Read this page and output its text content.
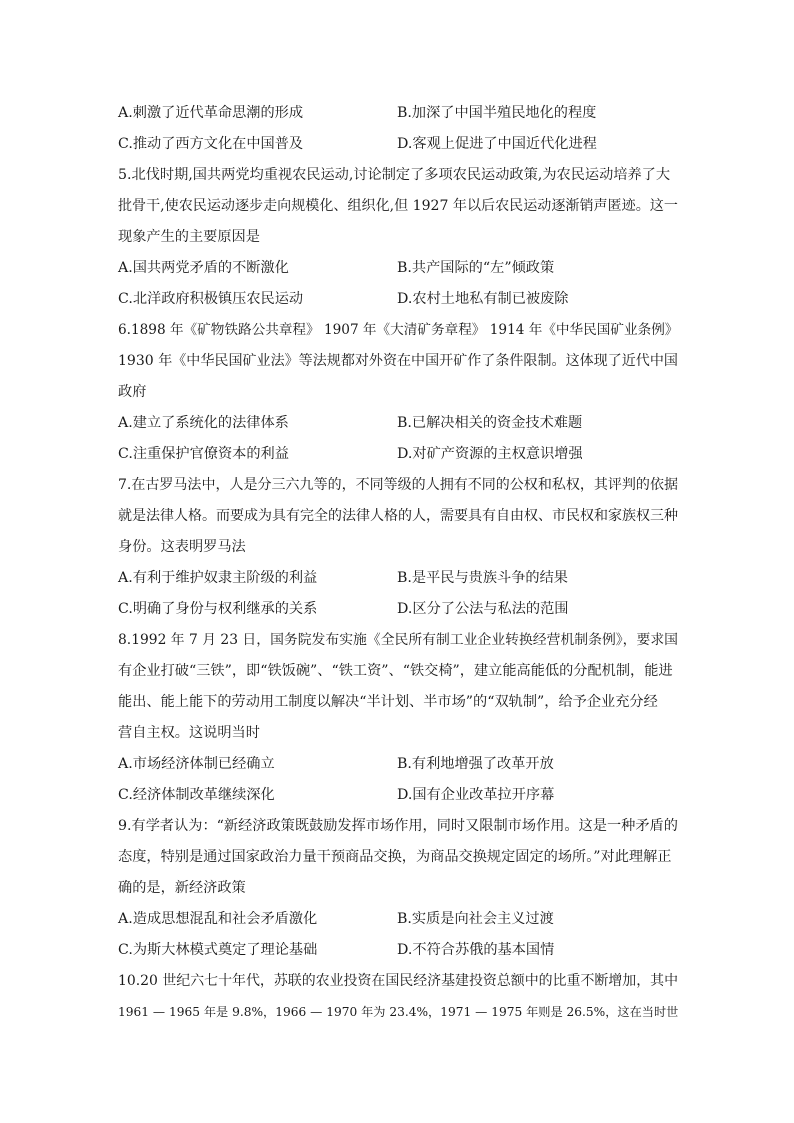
A.刺激了近代革命思潮的形成	B.加深了中国半殖民地化的程度
C.推动了西方文化在中国普及	D.客观上促进了中国近代化进程
5.北伐时期,国共两党均重视农民运动,讨论制定了多项农民运动政策,为农民运动培养了大
批骨干,使农民运动逐步走向规模化、组织化,但 1927 年以后农民运动逐渐销声匿迹。这一
现象产生的主要原因是
A.国共两党矛盾的不断激化	B.共产国际的“左”倾政策
C.北洋政府积极镇压农民运动	D.农村土地私有制已被废除
6.1898 年《矿物铁路公共章程》 1907 年《大清矿务章程》 1914 年《中华民国矿业条例》
1930 年《中华民国矿业法》等法规都对外资在中国开矿作了条件限制。这体现了近代中国
政府
A.建立了系统化的法律体系	B.已解决相关的资金技术难题
C.注重保护官僚资本的利益	D.对矿产资源的主权意识增强
7.在古罗马法中，人是分三六九等的，不同等级的人拥有不同的公权和私权，其评判的依据
就是法律人格。而要成为具有完全的法律人格的人，需要具有自由权、市民权和家族权三种
身份。这表明罗马法
A.有利于维护奴隶主阶级的利益	B.是平民与贵族斗争的结果
C.明确了身份与权利继承的关系	D.区分了公法与私法的范围
8.1992 年 7 月 23 日，国务院发布实施《全民所有制工业企业转换经营机制条例》，要求国
有企业打破“三铁”，即“铁饭碗”、“铁工资”、“铁交椅”，建立能高能低的分配机制，能进
能出、能上能下的劳动用工制度以解决“半计划、半市场”的“双轨制”，给予企业充分经
营自主权。这说明当时
A.市场经济体制已经确立	B.有利地增强了改革开放
C.经济体制改革继续深化	D.国有企业改革拉开序幕
9.有学者认为：“新经济政策既鼓励发挥市场作用，同时又限制市场作用。这是一种矛盾的
态度，特别是通过国家政治力量干预商品交换，为商品交换规定固定的场所。”对此理解正
确的是，新经济政策
A.造成思想混乱和社会矛盾激化	B.实质是向社会主义过渡
C.为斯大林模式奠定了理论基础	D.不符合苏俄的基本国情
10.20 世纪六七十年代，苏联的农业投资在国民经济基建投资总额中的比重不断增加，其中
1961 — 1965 年是 9.8%，1966 — 1970 年为 23.4%，1971 — 1975 年则是 26.5%，这在当时世
